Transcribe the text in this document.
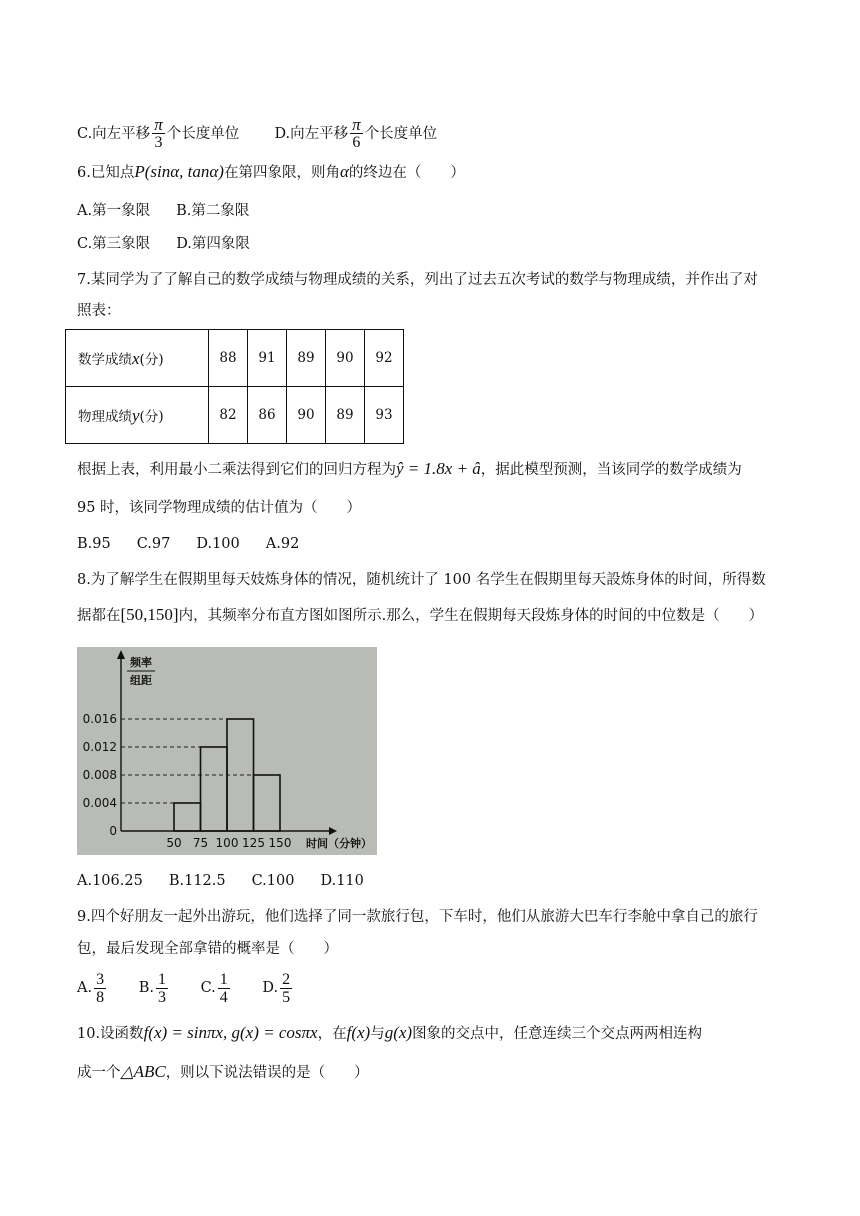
C.向左平移 $\frac{\pi}{3}$ 个长度单位 D.向左平移 $\frac{\pi}{6}$ 个长度单位
6.已知点P(sinα, tanα)在第四象限，则角α的终边在（　　）
A.第一象限 B.第二象限
C.第三象限 D.第四象限
7.某同学为了了解自己的数学成绩与物理成绩的关系，列出了过去五次考试的数学与物理成绩，并作出了对
照表：
数学成绩x(分)	88	91	89	90	92
物理成绩y(分)	82	86	90	89	93
根据上表，利用最小二乘法得到它们的回归方程为ŷ = 1.8x + â，据此模型预测，当该同学的数学成绩为
95 时，该同学物理成绩的估计值为（　　）
B.95 C.97 D.100 A.92
8.为了解学生在假期里每天妓炼身体的情况，随机统计了 100 名学生在假期里每天設炼身体的时间，所得数
据都在[50,150]内，其频率分布直方图如图所示.那么，学生在假期每天段炼身体的时间的中位数是（　　）
0
0.004
0.008
0.012
0.016
50 75 100 125 150
频率
组距
时间（分钟）
A.106.25 B.112.5 C.100 D.110
9.四个好朋友一起外出游玩，他们选择了同一款旅行包，下车时，他们从旅游大巴车行李舱中拿自己的旅行
包，最后发现全部拿错的概率是（　　）
A. $\frac{3}{8} B$. $\frac{1}{3} C$. $\frac{1}{4} D$. $\frac{2}{5}$
10.设函数f(x) = sinπx, g(x) = cosπx，在f(x)与g(x)图象的交点中，任意连续三个交点两两相连构
成一个△ABC，则以下说法错误的是（　　）
